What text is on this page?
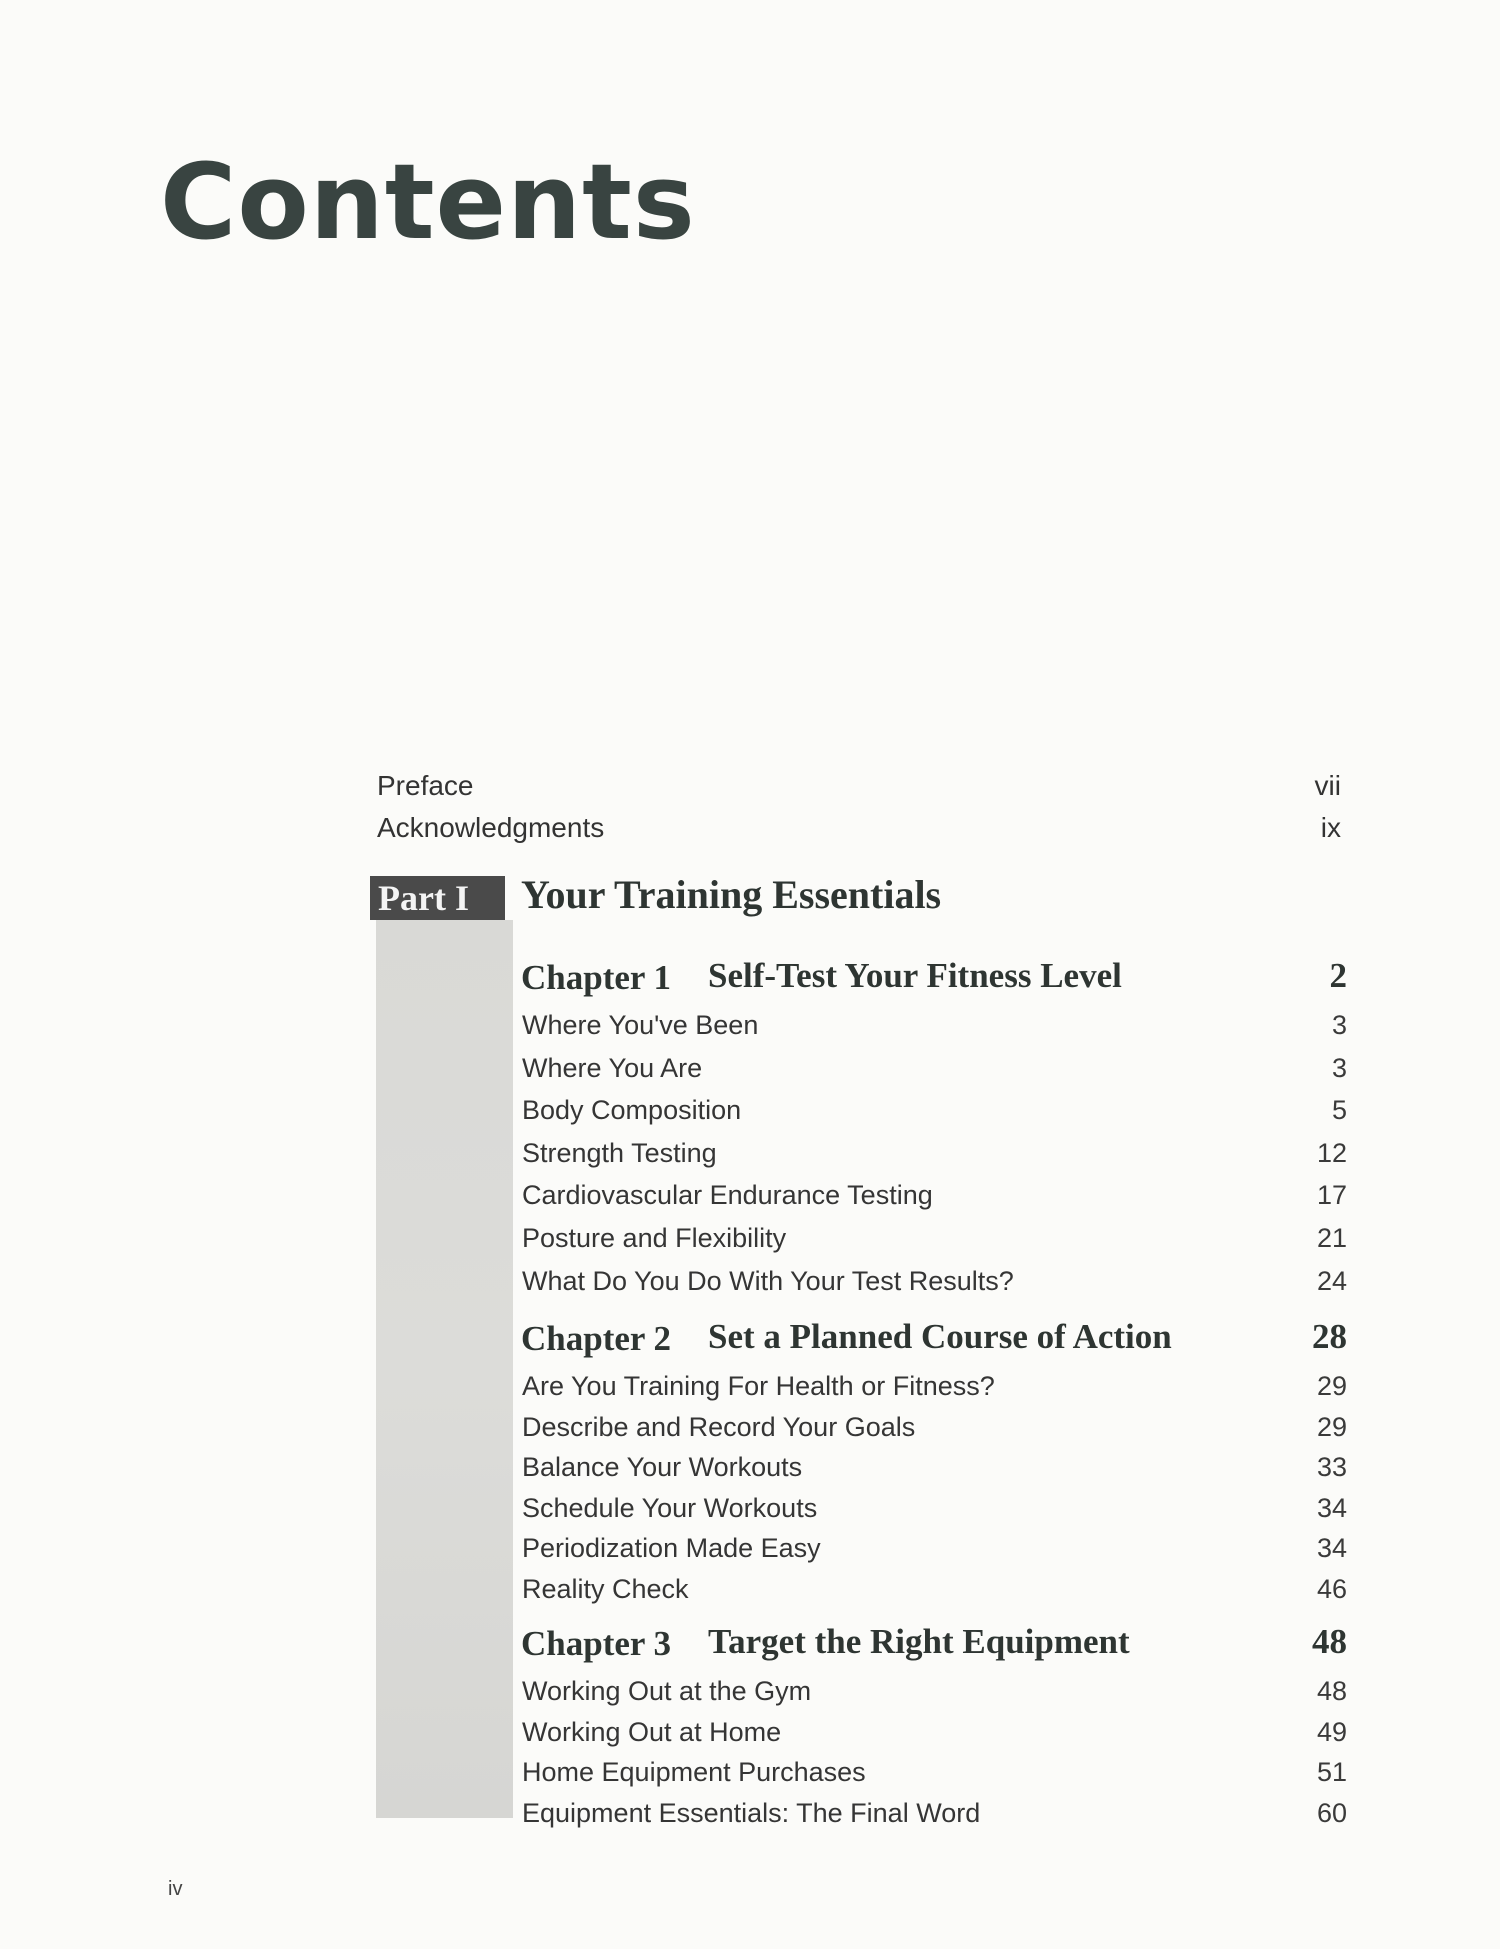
Contents
Preface	vii
Acknowledgments	ix
Part I	Your Training Essentials
Chapter 1 Self-Test Your Fitness Level	2
Where You've Been	3
Where You Are	3
Body Composition	5
Strength Testing	12
Cardiovascular Endurance Testing	17
Posture and Flexibility	21
What Do You Do With Your Test Results?	24
Chapter 2 Set a Planned Course of Action	28
Are You Training For Health or Fitness?	29
Describe and Record Your Goals	29
Balance Your Workouts	33
Schedule Your Workouts	34
Periodization Made Easy	34
Reality Check	46
Chapter 3 Target the Right Equipment	48
Working Out at the Gym	48
Working Out at Home	49
Home Equipment Purchases	51
Equipment Essentials: The Final Word	60
iv
